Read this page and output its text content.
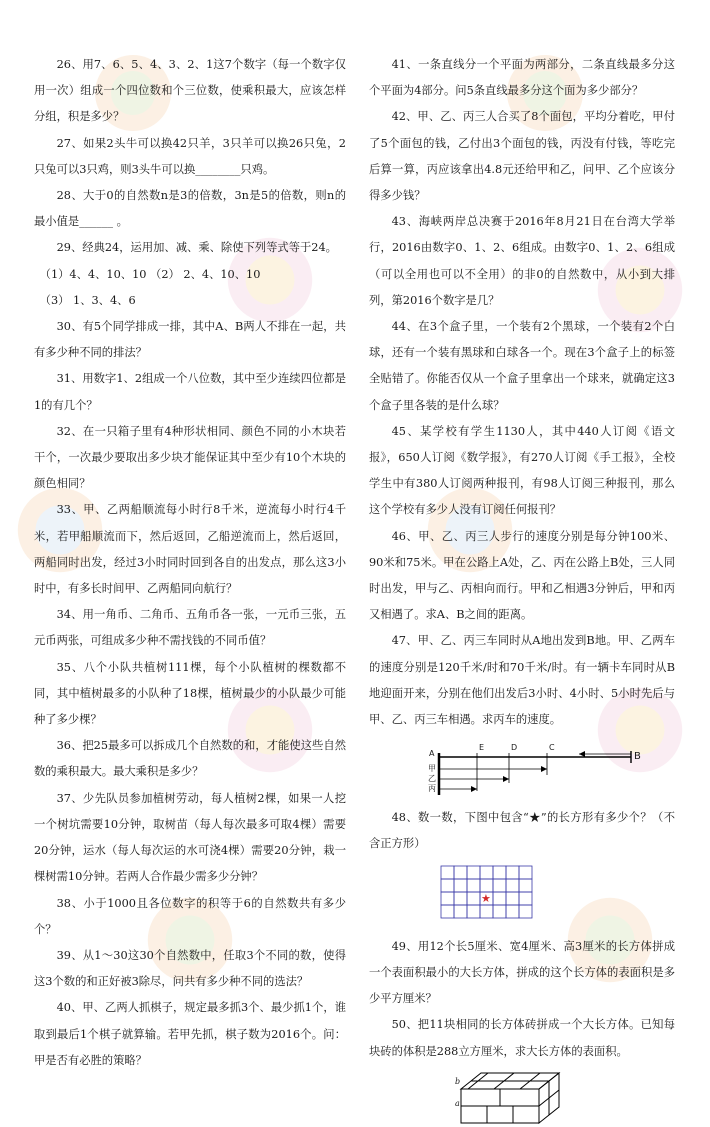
26、用7、6、5、4、3、2、1这7个数字（每一个数字仅用一次）组成一个四位数和个三位数，使乘积最大，应该怎样分组，积是多少？

27、如果2头牛可以换42只羊，3只羊可以换26只兔，2只兔可以3只鸡，则3头牛可以换________只鸡。

28、大于0的自然数n是3的倍数，3n是5的倍数，则n的最小值是______ 。

29、经典24，运用加、减、乘、除使下列等式等于24。

（1）4、4、10、10 （2） 2、4、10、10

（3） 1、3、4、6

30、有5个同学排成一排，其中A、B两人不排在一起，共有多少种不同的排法？

31、用数字1、2组成一个八位数，其中至少连续四位都是1的有几个？

32、在一只箱子里有4种形状相同、颜色不同的小木块若干个，一次最少要取出多少块才能保证其中至少有10个木块的颜色相同？

33、甲、乙两船顺流每小时行8千米，逆流每小时行4千米，若甲船顺流而下，然后返回，乙船逆流而上，然后返回，两船同时出发，经过3小时同时回到各自的出发点，那么这3小时中，有多长时间甲、乙两船同向航行？

34、用一角币、二角币、五角币各一张，一元币三张，五元币两张，可组成多少种不需找钱的不同币值？

35、八个小队共植树111棵，每个小队植树的棵数都不同，其中植树最多的小队种了18棵，植树最少的小队最少可能种了多少棵？

36、把25最多可以拆成几个自然数的和，才能使这些自然数的乘积最大。最大乘积是多少？

37、少先队员参加植树劳动，每人植树2棵，如果一人挖一个树坑需要10分钟，取树苗（每人每次最多可取4棵）需要20分钟，运水（每人每次运的水可浇4棵）需要20分钟，栽一棵树需10分钟。若两人合作最少需多少分钟？

38、小于1000且各位数字的积等于6的自然数共有多少个？

39、从1～30这30个自然数中，任取3个不同的数，使得这3个数的和正好被3除尽，问共有多少种不同的选法？

40、甲、乙两人抓棋子，规定最多抓3个、最少抓1个，谁取到最后1个棋子就算输。若甲先抓，棋子数为2016个。问：甲是否有必胜的策略？

41、一条直线分一个平面为两部分，二条直线最多分这个平面为4部分。问5条直线最多分这个面为多少部分？

42、甲、乙、丙三人合买了8个面包，平均分着吃，甲付了5个面包的钱，乙付出3个面包的钱，丙没有付钱，等吃完后算一算，丙应该拿出4.8元还给甲和乙，问甲、乙个应该分得多少钱？

43、海峡两岸总决赛于2016年8月21日在台湾大学举行，2016由数字0、1、2、6组成。由数字0、1、2、6组成（可以全用也可以不全用）的非0的自然数中，从小到大排列，第2016个数字是几？

44、在3个盒子里，一个装有2个黑球，一个装有2个白球，还有一个装有黑球和白球各一个。现在3个盒子上的标签全贴错了。你能否仅从一个盒子里拿出一个球来，就确定这3个盒子里各装的是什么球？

45、某学校有学生1130人，其中440人订阅《语文报》，650人订阅《数学报》，有270人订阅《手工报》，全校学生中有380人订阅两种报刊，有98人订阅三种报刊，那么这个学校有多少人没有订阅任何报刊？

46、甲、乙、丙三人步行的速度分别是每分钟100米、90米和75米。甲在公路上A处，乙、丙在公路上B处，三人同时出发，甲与乙、丙相向而行。甲和乙相遇3分钟后，甲和丙又相遇了。求A、B之间的距离。

47、甲、乙、丙三车同时从A地出发到B地。甲、乙两车的速度分别是120千米/时和70千米/时。有一辆卡车同时从B地迎面开来，分别在他们出发后3小时、4小时、5小时先后与甲、乙、丙三车相遇。求丙车的速度。

A
甲
乙
丙
E	D	C
B

48、数一数，下图中包含“★”的长方形有多少个？（不含正方形）

★

49、用12个长5厘米、宽4厘米、高3厘米的长方体拼成一个表面积最小的大长方体，拼成的这个长方体的表面积是多少平方厘米？

50、把11块相同的长方体砖拼成一个大长方体。已知每块砖的体积是288立方厘米，求大长方体的表面积。

a
b
